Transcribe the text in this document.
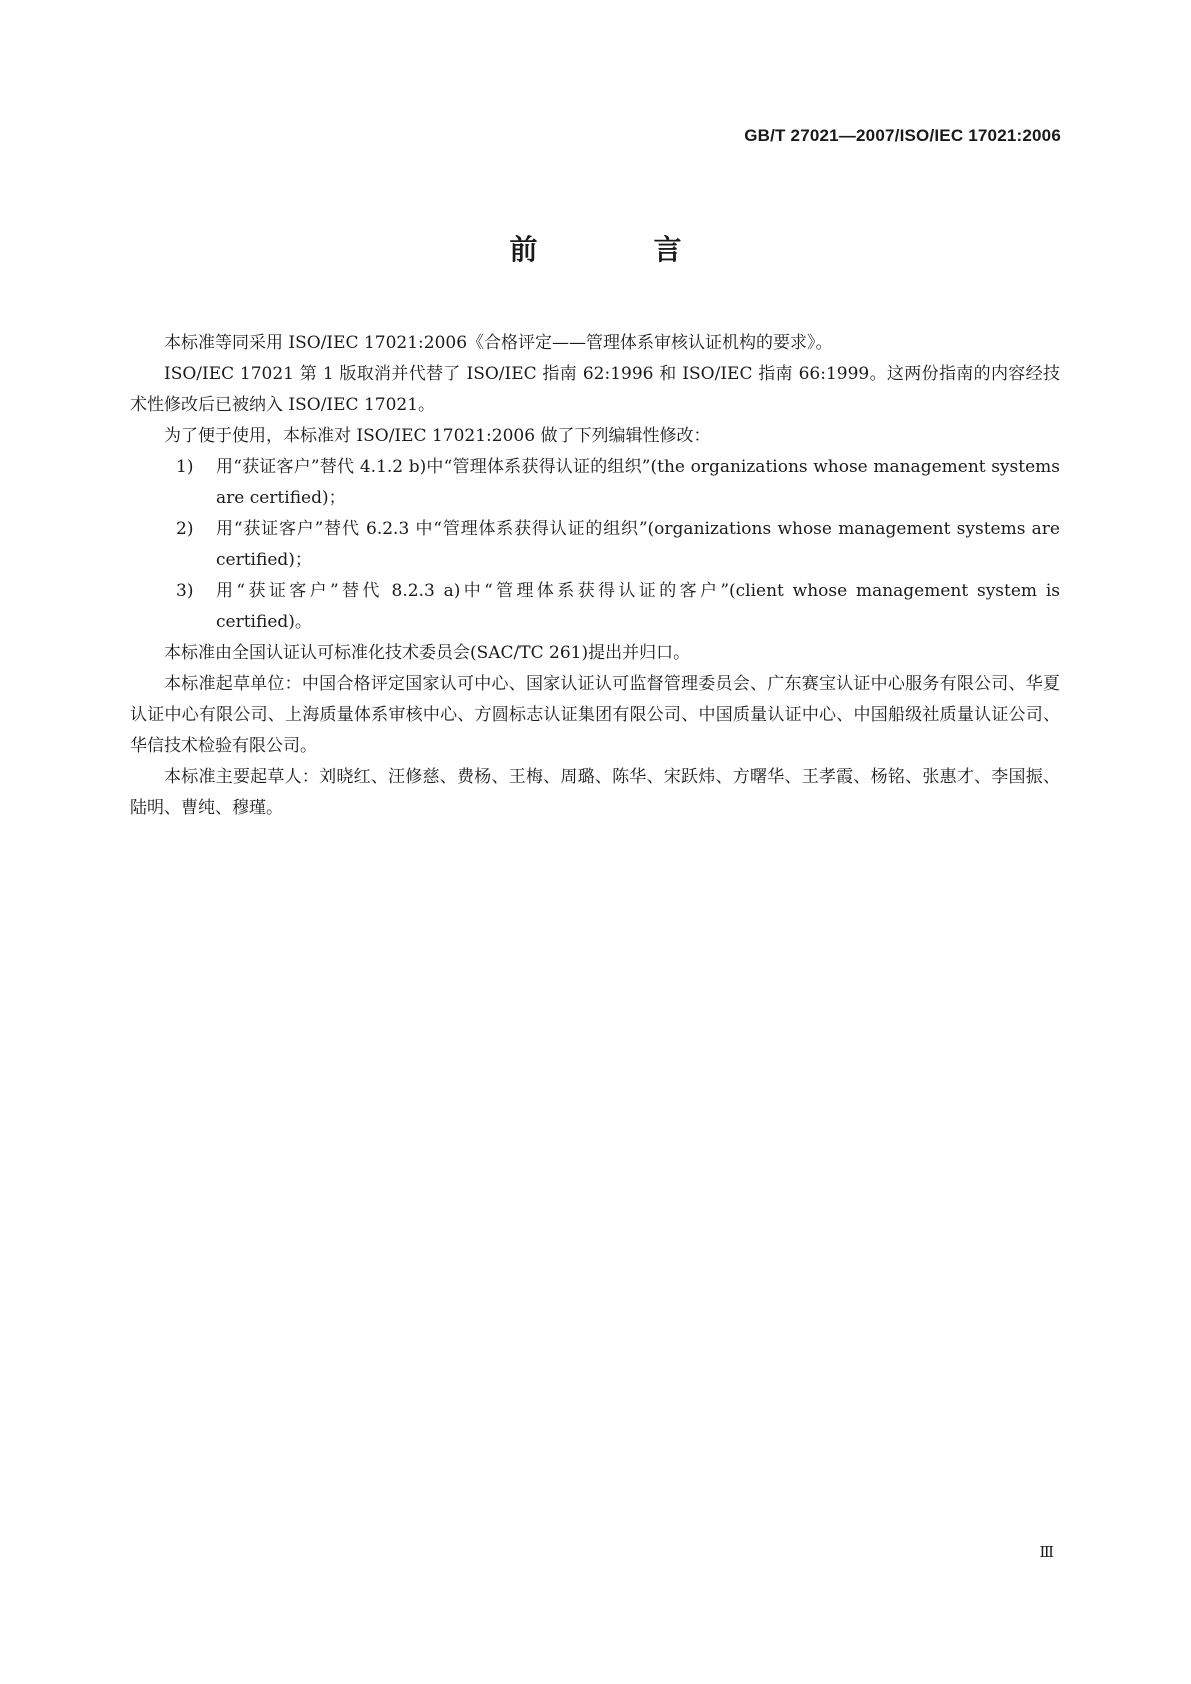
GB/T 27021—2007/ISO/IEC 17021:2006
前　言

本标准等同采用 ISO/IEC 17021:2006《合格评定——管理体系审核认证机构的要求》。

ISO/IEC 17021 第 1 版取消并代替了 ISO/IEC 指南 62:1996 和 ISO/IEC 指南 66:1999。这两份指南的内容经技术性修改后已被纳入 ISO/IEC 17021。

为了便于使用，本标准对 ISO/IEC 17021:2006 做了下列编辑性修改：

1) 用“获证客户”替代 4.1.2 b)中“管理体系获得认证的组织”(the organizations whose management systems are certified)；
2) 用“获证客户”替代 6.2.3 中“管理体系获得认证的组织”(organizations whose management systems are certified)；
3) 用“获证客户”替代 8.2.3 a)中“管理体系获得认证的客户”(client whose management system is certified)。

本标准由全国认证认可标准化技术委员会(SAC/TC 261)提出并归口。

本标准起草单位：中国合格评定国家认可中心、国家认证认可监督管理委员会、广东赛宝认证中心服务有限公司、华夏认证中心有限公司、上海质量体系审核中心、方圆标志认证集团有限公司、中国质量认证中心、中国船级社质量认证公司、华信技术检验有限公司。

本标准主要起草人：刘晓红、汪修慈、费杨、王梅、周璐、陈华、宋跃炜、方曙华、王孝霞、杨铭、张惠才、李国振、陆明、曹纯、穆瑾。

Ⅲ
